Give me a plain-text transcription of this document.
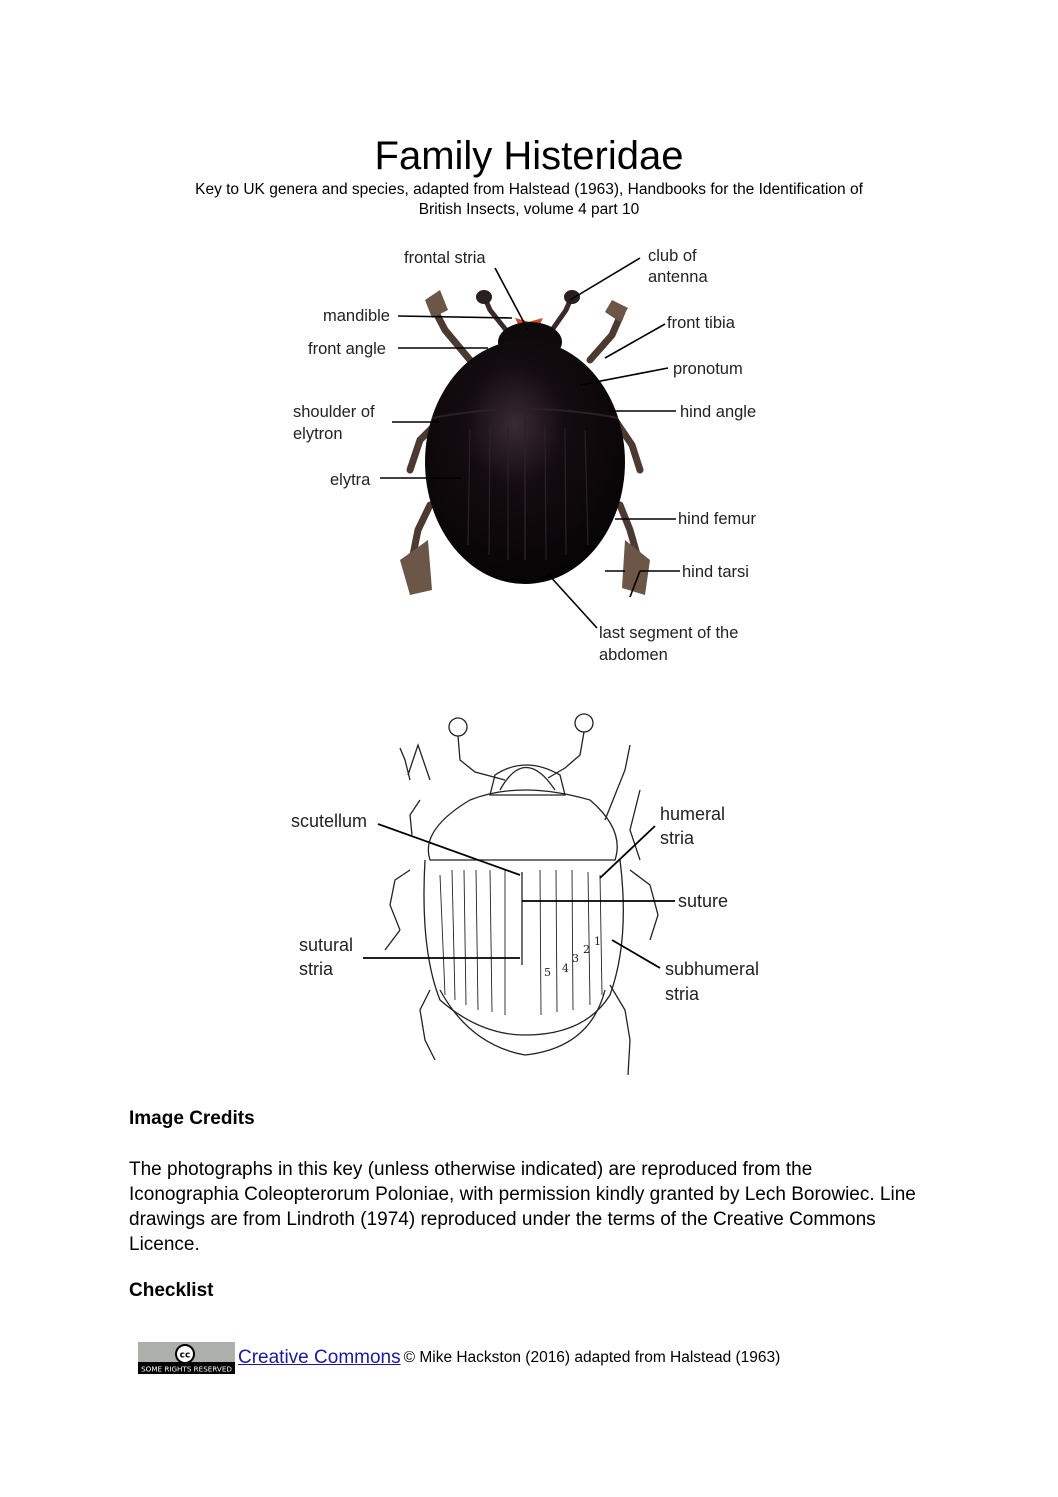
Family Histeridae

Key to UK genera and species, adapted from Halstead (1963), Handbooks for the Identification of
British Insects, volume 4 part 10

frontal stria	club of
antenna
mandible	front tibia
front angle
pronotum
shoulder of
elytron
hind angle
elytra
hind femur
hind tarsi
last segment of the
abdomen
2
3
4
5
scutellum	humeral
stria
suture
sutural
stria	subhumeral
stria
1
Image Credits

The photographs in this key (unless otherwise indicated) are reproduced from the Iconographia Coleopterorum Poloniae, with permission kindly granted by Lech Borowiec. Line drawings are from Lindroth (1974) reproduced under the terms of the Creative Commons Licence.

Checklist
cc
SOME RIGHTS RESERVED
Creative Commons © Mike Hackston (2016) adapted from Halstead (1963)
